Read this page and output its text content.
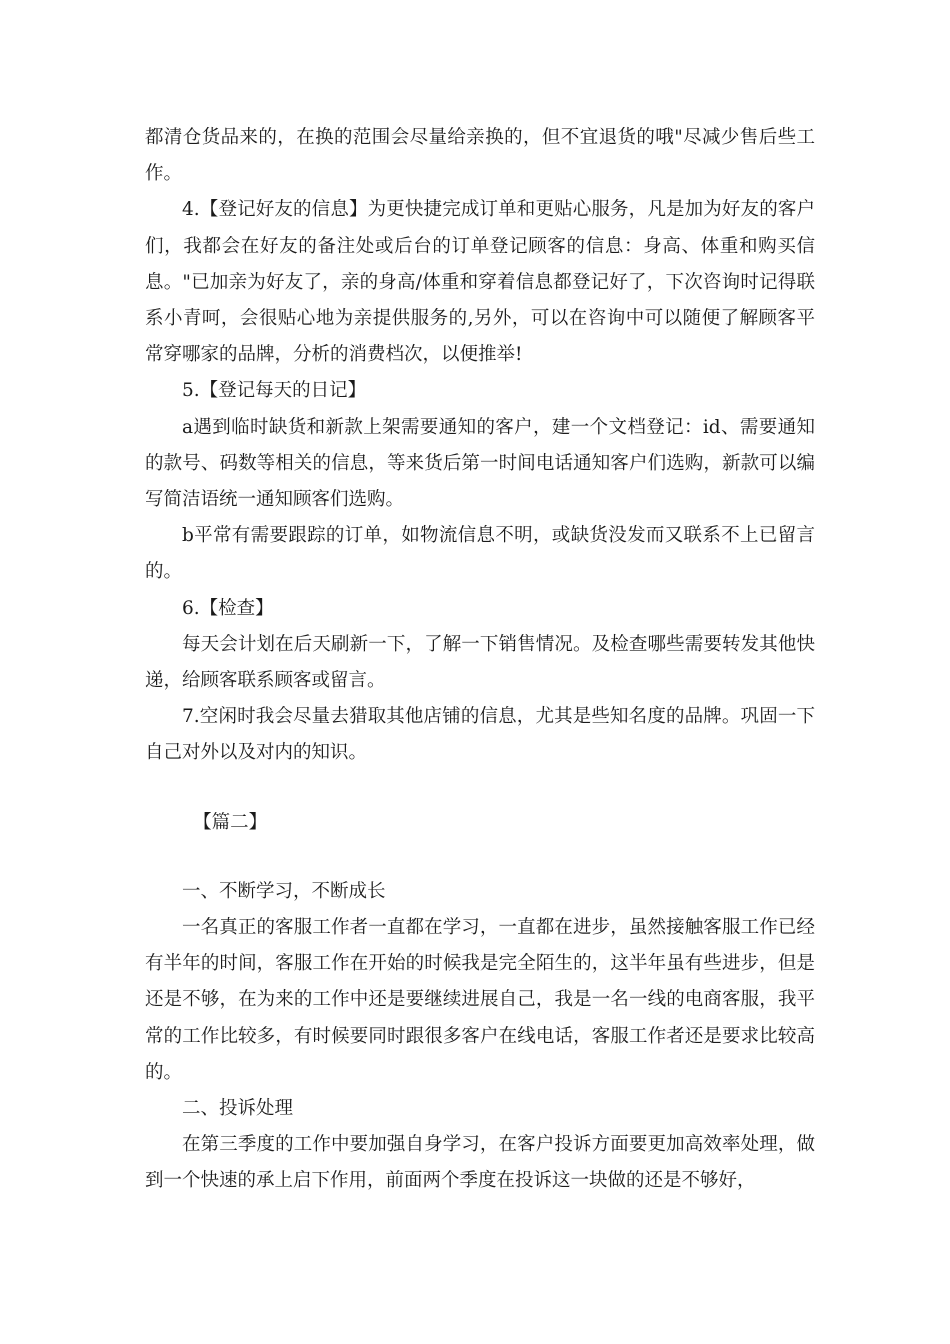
都清仓货品来的，在换的范围会尽量给亲换的，但不宜退货的哦"尽减少售后些工作。

4.【登记好友的信息】为更快捷完成订单和更贴心服务，凡是加为好友的客户们，我都会在好友的备注处或后台的订单登记顾客的信息：身高、体重和购买信息。"已加亲为好友了，亲的身高/体重和穿着信息都登记好了，下次咨询时记得联系小青呵，会很贴心地为亲提供服务的,另外，可以在咨询中可以随便了解顾客平常穿哪家的品牌，分析的消费档次，以便推举!

5.【登记每天的日记】

a遇到临时缺货和新款上架需要通知的客户，建一个文档登记：id、需要通知的款号、码数等相关的信息，等来货后第一时间电话通知客户们选购，新款可以编写简洁语统一通知顾客们选购。

b平常有需要跟踪的订单，如物流信息不明，或缺货没发而又联系不上已留言的。

6.【检查】

每天会计划在后天刷新一下，了解一下销售情况。及检查哪些需要转发其他快递，给顾客联系顾客或留言。

7.空闲时我会尽量去猎取其他店铺的信息，尤其是些知名度的品牌。巩固一下自己对外以及对内的知识。

【篇二】

一、不断学习，不断成长

一名真正的客服工作者一直都在学习，一直都在进步，虽然接触客服工作已经有半年的时间，客服工作在开始的时候我是完全陌生的，这半年虽有些进步，但是还是不够，在为来的工作中还是要继续进展自己，我是一名一线的电商客服，我平常的工作比较多，有时候要同时跟很多客户在线电话，客服工作者还是要求比较高的。

二、投诉处理

在第三季度的工作中要加强自身学习，在客户投诉方面要更加高效率处理，做到一个快速的承上启下作用，前面两个季度在投诉这一块做的还是不够好，
